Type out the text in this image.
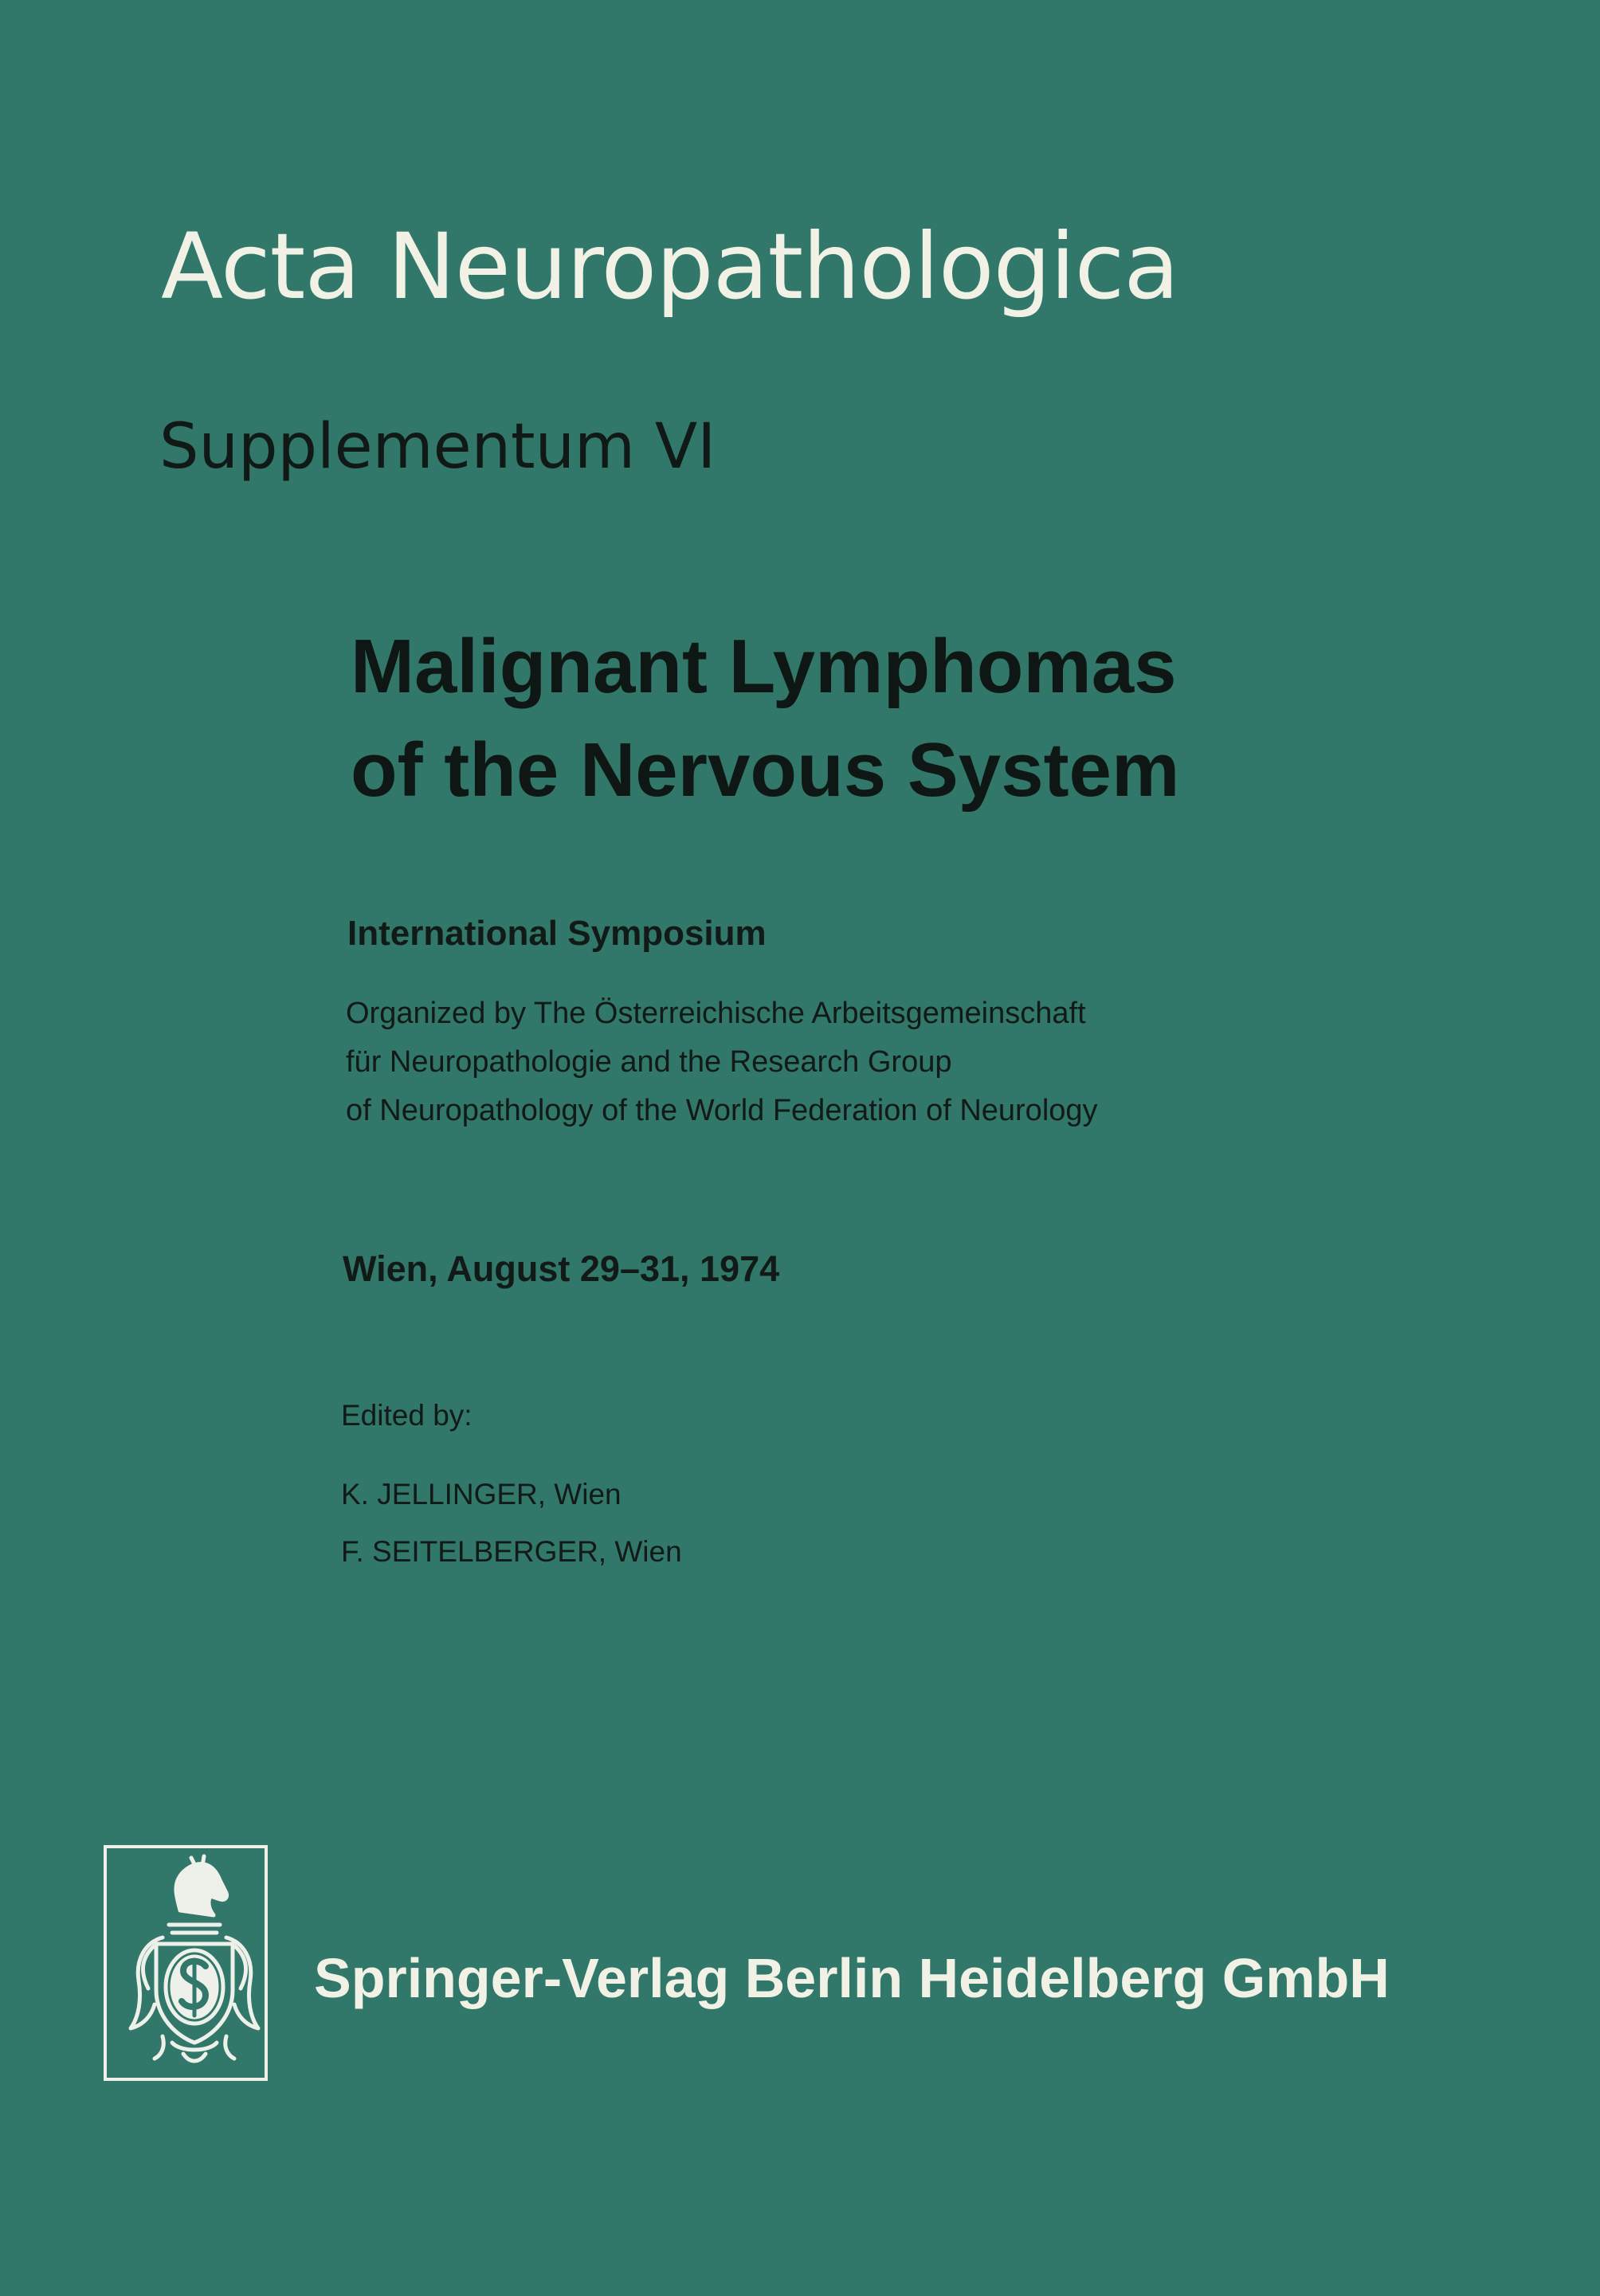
Acta Neuropathologica
Supplementum VI
Malignant Lymphomas
of the Nervous System

International Symposium

Organized by The Österreichische Arbeitsgemeinschaft
für Neuropathologie and the Research Group
of Neuropathology of the World Federation of Neurology

Wien, August 29–31, 1974

Edited by:

K. JELLINGER, Wien
F. SEITELBERGER, Wien

Springer-Verlag Berlin Heidelberg GmbH
